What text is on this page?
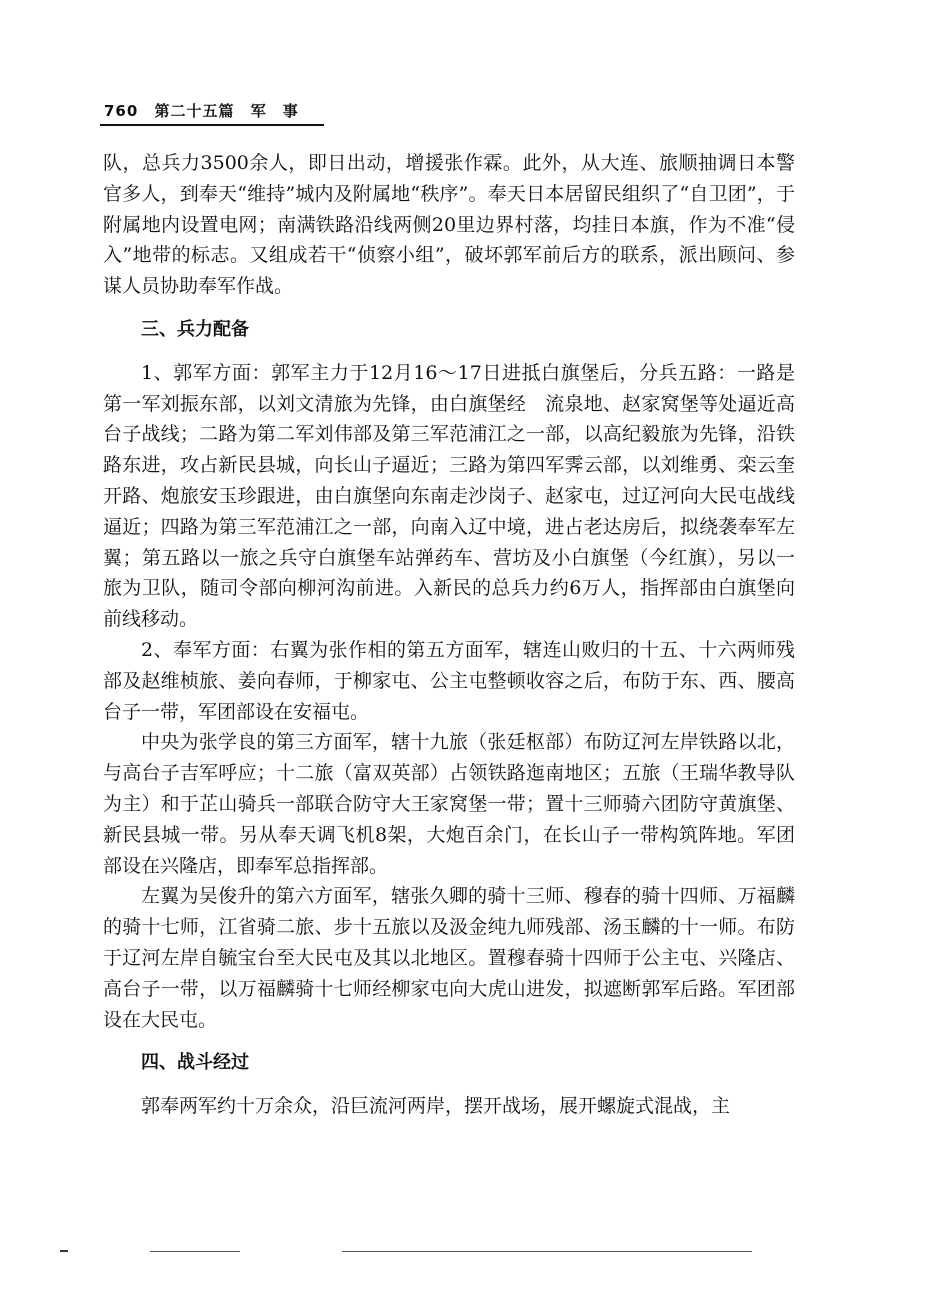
760 第二十五篇 军　事

队，总兵力3500余人，即日出动，增援张作霖。此外，从大连、旅顺抽调日本警官多人，到奉天“维持”城内及附属地“秩序”。奉天日本居留民组织了“自卫团”，于附属地内设置电网；南满铁路沿线两侧20里边界村落，均挂日本旗，作为不准“侵入”地带的标志。又组成若干“侦察小组”，破坏郭军前后方的联系，派出顾问、参谋人员协助奉军作战。

三、兵力配备

1、郭军方面：郭军主力于12月16～17日进抵白旗堡后，分兵五路：一路是第一军刘振东部，以刘文清旅为先锋，由白旗堡经　流泉地、赵家窝堡等处逼近高台子战线；二路为第二军刘伟部及第三军范浦江之一部，以高纪毅旅为先锋，沿铁路东进，攻占新民县城，向长山子逼近；三路为第四军霁云部，以刘维勇、栾云奎开路、炮旅安玉珍跟进，由白旗堡向东南走沙岗子、赵家屯，过辽河向大民屯战线逼近；四路为第三军范浦江之一部，向南入辽中境，进占老达房后，拟绕袭奉军左翼；第五路以一旅之兵守白旗堡车站弹药车、营坊及小白旗堡（今红旗），另以一旅为卫队，随司令部向柳河沟前进。入新民的总兵力约6万人，指挥部由白旗堡向前线移动。

2、奉军方面：右翼为张作相的第五方面军，辖连山败归的十五、十六两师残部及赵维桢旅、姜向春师，于柳家屯、公主屯整顿收容之后，布防于东、西、腰高台子一带，军团部设在安福屯。

中央为张学良的第三方面军，辖十九旅（张廷枢部）布防辽河左岸铁路以北，与高台子吉军呼应；十二旅（富双英部）占领铁路迤南地区；五旅（王瑞华教导队为主）和于芷山骑兵一部联合防守大王家窝堡一带；置十三师骑六团防守黄旗堡、新民县城一带。另从奉天调飞机8架，大炮百余门，在长山子一带构筑阵地。军团部设在兴隆店，即奉军总指挥部。

左翼为吴俊升的第六方面军，辖张久卿的骑十三师、穆春的骑十四师、万福麟的骑十七师，江省骑二旅、步十五旅以及汲金纯九师残部、汤玉麟的十一师。布防于辽河左岸自毓宝台至大民屯及其以北地区。置穆春骑十四师于公主屯、兴隆店、高台子一带，以万福麟骑十七师经柳家屯向大虎山进发，拟遮断郭军后路。军团部设在大民屯。

四、战斗经过

郭奉两军约十万余众，沿巨流河两岸，摆开战场，展开螺旋式混战，主
